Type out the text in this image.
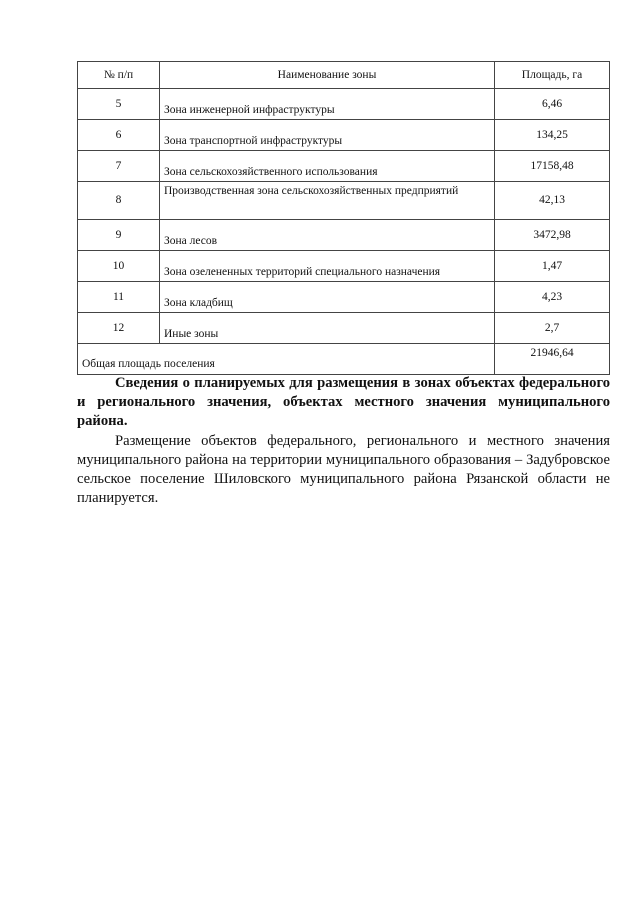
№ п/п	Наименование зоны	Площадь, га
5	Зона инженерной инфраструктуры	6,46
6	Зона транспортной инфраструктуры	134,25
7	Зона сельскохозяйственного использования	17158,48
8	Производственная зона сельскохозяйственных предприятий	42,13
9	Зона лесов	3472,98
10	Зона озелененных территорий специального назначения	1,47
11	Зона кладбищ	4,23
12	Иные зоны	2,7
Общая площадь поселения		21946,64

Сведения о планируемых для размещения в зонах объектах федерального и регионального значения, объектах местного значения муниципального района.

Размещение объектов федерального, регионального и местного значения муниципального района на территории муниципального образования – Задубровское сельское поселение Шиловского муниципального района Рязанской области не планируется.
